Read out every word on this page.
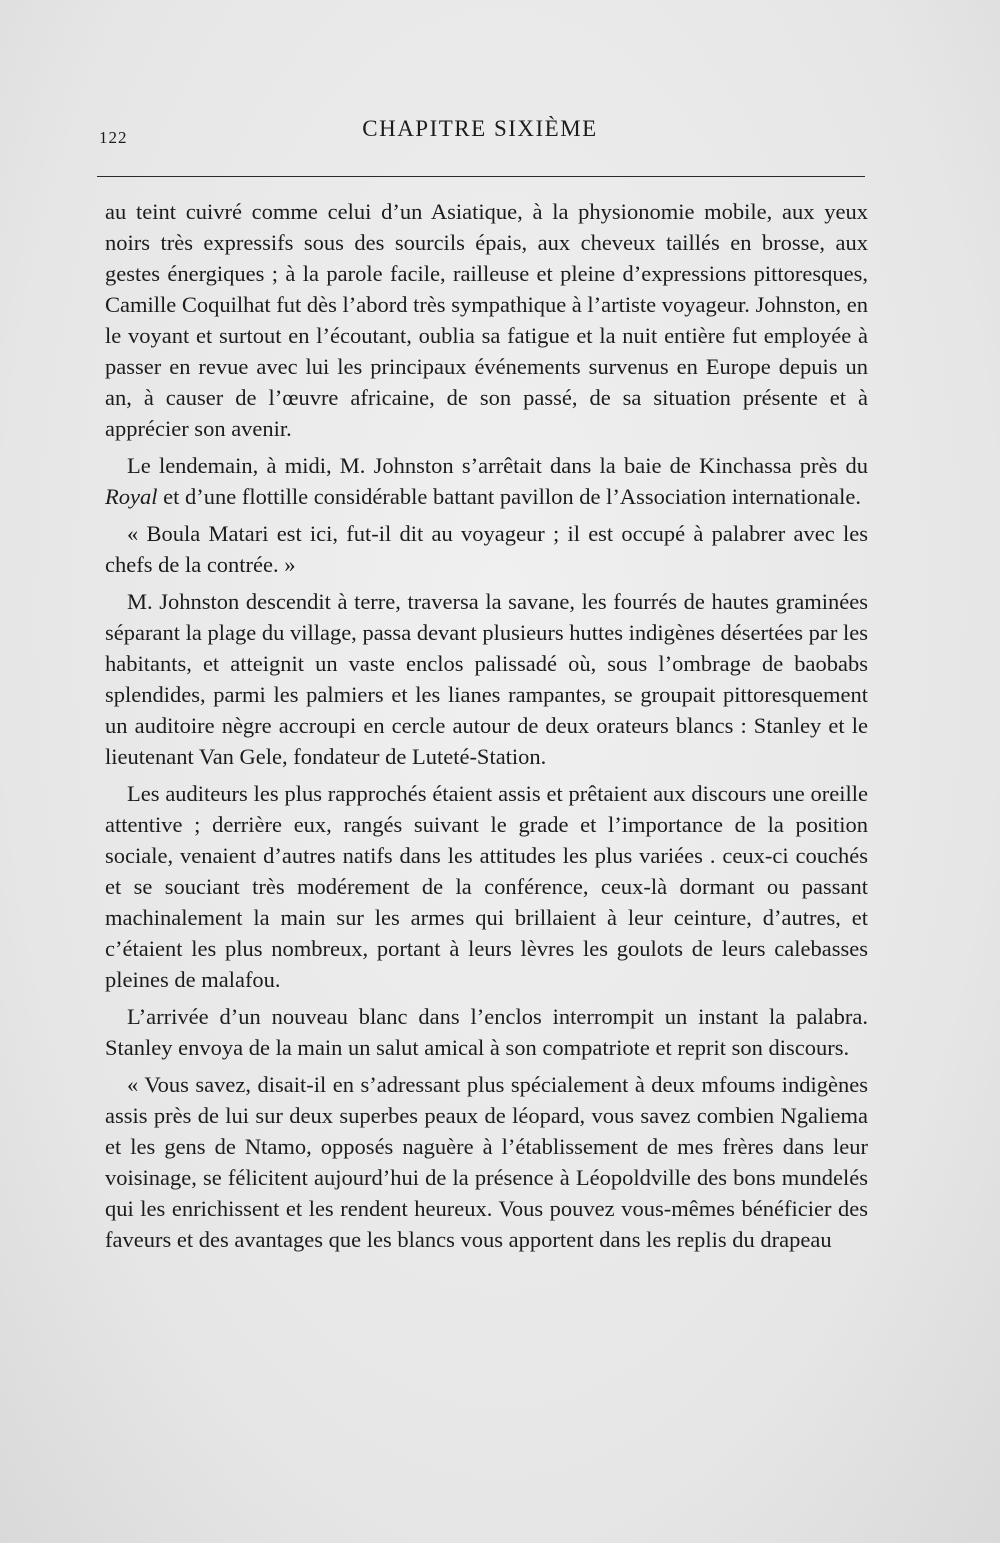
122	CHAPITRE SIXIÈME

au teint cuivré comme celui d’un Asiatique, à la physionomie mobile, aux yeux noirs très expressifs sous des sourcils épais, aux cheveux taillés en brosse, aux gestes énergiques ; à la parole facile, railleuse et pleine d’expressions pittoresques, Camille Coquilhat fut dès l’abord très sympathique à l’artiste voyageur. Johnston, en le voyant et surtout en l’écoutant, oublia sa fatigue et la nuit entière fut employée à passer en revue avec lui les principaux événements survenus en Europe depuis un an, à causer de l’œuvre africaine, de son passé, de sa situation présente et à apprécier son avenir.

Le lendemain, à midi, M. Johnston s’arrêtait dans la baie de Kinchassa près du Royal et d’une flottille considérable battant pavillon de l’Association internationale.

« Boula Matari est ici, fut-il dit au voyageur ; il est occupé à palabrer avec les chefs de la contrée. »

M. Johnston descendit à terre, traversa la savane, les fourrés de hautes graminées séparant la plage du village, passa devant plusieurs huttes indigènes désertées par les habitants, et atteignit un vaste enclos palissadé où, sous l’ombrage de baobabs splendides, parmi les palmiers et les lianes rampantes, se groupait pittoresquement un auditoire nègre accroupi en cercle autour de deux orateurs blancs : Stanley et le lieutenant Van Gele, fondateur de Luteté-Station.

Les auditeurs les plus rapprochés étaient assis et prêtaient aux discours une oreille attentive ; derrière eux, rangés suivant le grade et l’importance de la position sociale, venaient d’autres natifs dans les attitudes les plus variées . ceux-ci couchés et se souciant très modérement de la conférence, ceux-là dormant ou passant machinalement la main sur les armes qui brillaient à leur ceinture, d’autres, et c’étaient les plus nombreux, portant à leurs lèvres les goulots de leurs calebasses pleines de malafou.

L’arrivée d’un nouveau blanc dans l’enclos interrompit un instant la palabra. Stanley envoya de la main un salut amical à son compatriote et reprit son discours.

« Vous savez, disait-il en s’adressant plus spécialement à deux mfoums indigènes assis près de lui sur deux superbes peaux de léopard, vous savez combien Ngaliema et les gens de Ntamo, opposés naguère à l’établissement de mes frères dans leur voisinage, se félicitent aujourd’hui de la présence à Léopoldville des bons mundelés qui les enrichissent et les rendent heureux. Vous pouvez vous-mêmes bénéficier des faveurs et des avantages que les blancs vous apportent dans les replis du drapeau
